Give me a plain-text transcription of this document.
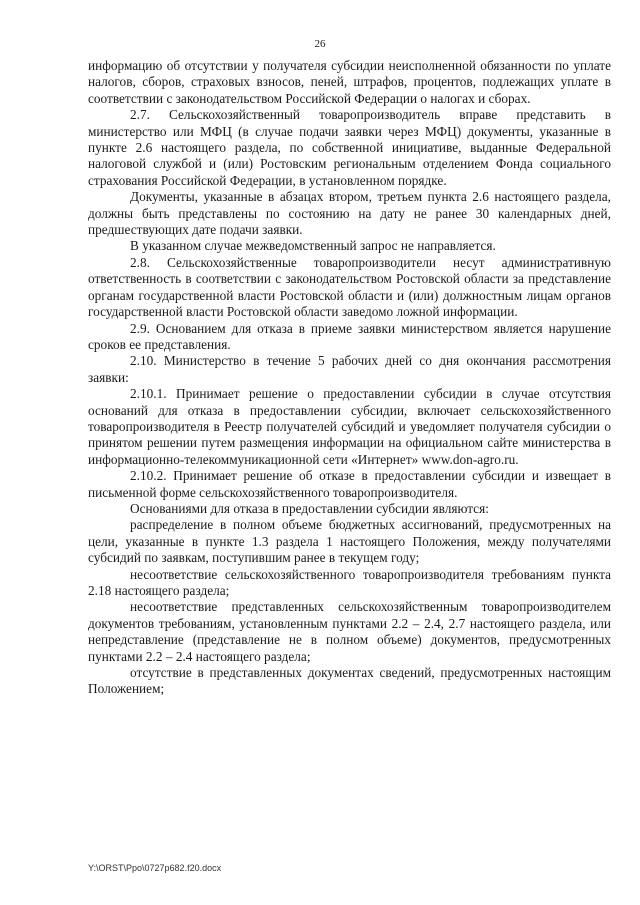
26

информацию об отсутствии у получателя субсидии неисполненной обязанности по уплате налогов, сборов, страховых взносов, пеней, штрафов, процентов, подлежащих уплате в соответствии с законодательством Российской Федерации о налогах и сборах.

2.7. Сельскохозяйственный товаропроизводитель вправе представить в министерство или МФЦ (в случае подачи заявки через МФЦ) документы, указанные в пункте 2.6 настоящего раздела, по собственной инициативе, выданные Федеральной налоговой службой и (или) Ростовским региональным отделением Фонда социального страхования Российской Федерации, в установленном порядке.

Документы, указанные в абзацах втором, третьем пункта 2.6 настоящего раздела, должны быть представлены по состоянию на дату не ранее 30 календарных дней, предшествующих дате подачи заявки.

В указанном случае межведомственный запрос не направляется.

2.8. Сельскохозяйственные товаропроизводители несут административную ответственность в соответствии с законодательством Ростовской области за представление органам государственной власти Ростовской области и (или) должностным лицам органов государственной власти Ростовской области заведомо ложной информации.

2.9. Основанием для отказа в приеме заявки министерством является нарушение сроков ее представления.

2.10. Министерство в течение 5 рабочих дней со дня окончания рассмотрения заявки:

2.10.1. Принимает решение о предоставлении субсидии в случае отсутствия оснований для отказа в предоставлении субсидии, включает сельскохозяйственного товаропроизводителя в Реестр получателей субсидий и уведомляет получателя субсидии о принятом решении путем размещения информации на официальном сайте министерства в информационно-телекоммуникационной сети «Интернет» www.don-agro.ru.

2.10.2. Принимает решение об отказе в предоставлении субсидии и извещает в письменной форме сельскохозяйственного товаропроизводителя.

Основаниями для отказа в предоставлении субсидии являются:

распределение в полном объеме бюджетных ассигнований, предусмотренных на цели, указанные в пункте 1.3 раздела 1 настоящего Положения, между получателями субсидий по заявкам, поступившим ранее в текущем году;

несоответствие сельскохозяйственного товаропроизводителя требованиям пункта 2.18 настоящего раздела;

несоответствие представленных сельскохозяйственным товаропроизводителем документов требованиям, установленным пунктами 2.2 – 2.4, 2.7 настоящего раздела, или непредставление (представление не в полном объеме) документов, предусмотренных пунктами 2.2 – 2.4 настоящего раздела;

отсутствие в представленных документах сведений, предусмотренных настоящим Положением;

Y:\ORST\Ppo\0727p682.f20.docx
